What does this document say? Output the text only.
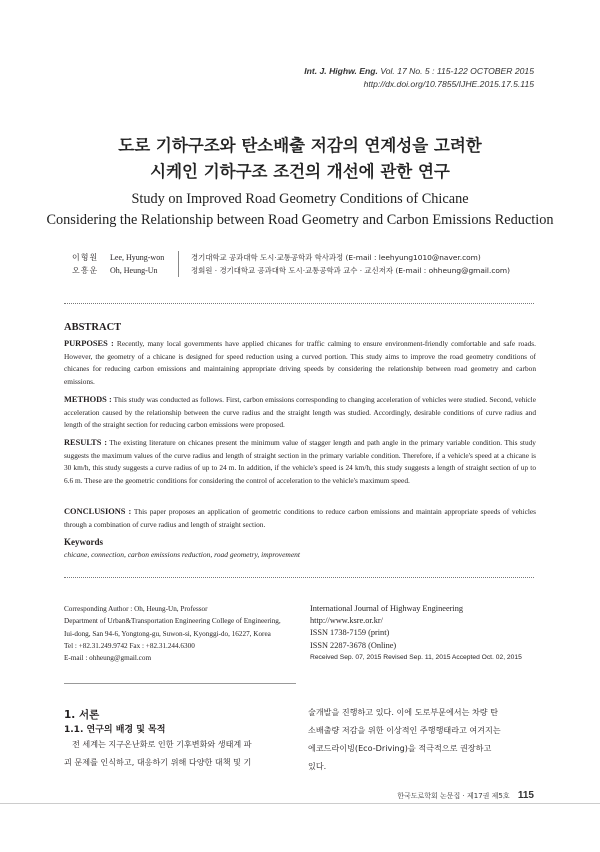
Int. J. Highw. Eng. Vol. 17 No. 5 : 115-122 OCTOBER 2015
http://dx.doi.org/10.7855/IJHE.2015.17.5.115
도로 기하구조와 탄소배출 저감의 연계성을 고려한
시케인 기하구조 조건의 개선에 관한 연구
Study on Improved Road Geometry Conditions of Chicane
Considering the Relationship between Road Geometry and Carbon Emissions Reduction
이형원	Lee, Hyung-won	경기대학교 공과대학 도시·교통공학과 학사과정 (E-mail : leehyung1010@naver.com)
오흥운	Oh, Heung-Un	정회원 · 경기대학교 공과대학 도시·교통공학과 교수 · 교신저자 (E-mail : ohheung@gmail.com)
ABSTRACT
PURPOSES : Recently, many local governments have applied chicanes for traffic calming to ensure environment-friendly comfortable and safe roads. However, the geometry of a chicane is designed for speed reduction using a curved portion. This study aims to improve the road geometry conditions of chicanes for reducing carbon emissions and maintaining appropriate driving speeds by considering the relationship between road geometry and carbon emissions.
METHODS : This study was conducted as follows. First, carbon emissions corresponding to changing acceleration of vehicles were studied. Second, vehicle acceleration caused by the relationship between the curve radius and the straight length was studied. Accordingly, desirable conditions of curve radius and length of the straight section for reducing carbon emissions were proposed.
RESULTS : The existing literature on chicanes present the minimum value of stagger length and path angle in the primary variable condition. This study suggests the maximum values of the curve radius and length of straight section in the primary variable condition. Therefore, if a vehicle's speed at a chicane is 30 km/h, this study suggests a curve radius of up to 24 m. In addition, if the vehicle's speed is 24 km/h, this study suggests a length of straight section of up to 6.6 m. These are the geometric conditions for considering the control of acceleration to the vehicle's maximum speed.
CONCLUSIONS : This paper proposes an application of geometric conditions to reduce carbon emissions and maintain appropriate speeds of vehicles through a combination of curve radius and length of straight section.
Keywords
chicane, connection, carbon emissions reduction, road geometry, improvement
Corresponding Author : Oh, Heung-Un, Professor
Department of Urban&Transportation Engineering College of Engineering,
Iui-dong, San 94-6, Yongtong-gu, Suwon-si, Kyonggi-do, 16227, Korea
Tel : +82.31.249.9742 Fax : +82.31.244.6300
E-mail : ohheung@gmail.com
International Journal of Highway Engineering
http://www.ksre.or.kr/
ISSN 1738-7159 (print)
ISSN 2287-3678 (Online)
Received Sep. 07, 2015 Revised Sep. 11, 2015 Accepted Oct. 02, 2015
1. 서론
1.1. 연구의 배경 및 목적
전 세계는 지구온난화로 인한 기후변화와 생태계 파
괴 문제를 인식하고, 대응하기 위해 다양한 대책 및 기
술개발을 진행하고 있다. 이에 도로부문에서는 차량 탄
소배출량 저감을 위한 이상적인 주행행태라고 여겨지는
에코드라이빙(Eco-Driving)을 적극적으로 권장하고
있다.
한국도로학회 논문집 · 제17권 제5호 115
